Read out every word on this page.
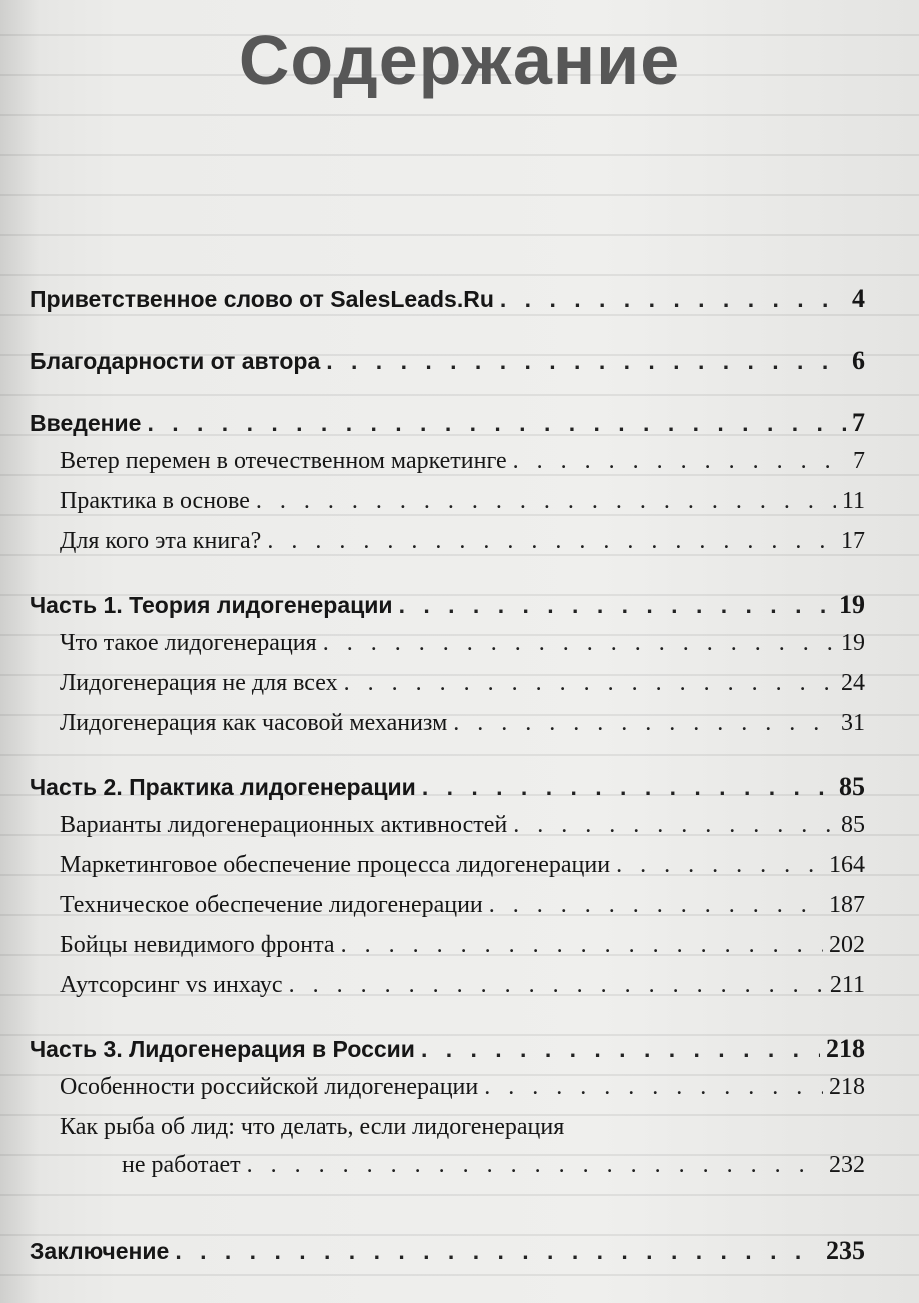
Содержание
Приветственное слово от SalesLeads.Ru . . .	4
Благодарности от автора . . .	6
Введение . . .	7
Ветер перемен в отечественном маркетинге . . .	7
Практика в основе . . .	11
Для кого эта книга? . . .	17
Часть 1. Теория лидогенерации . . .	19
Что такое лидогенерация . . .	19
Лидогенерация не для всех . . .	24
Лидогенерация как часовой механизм . . .	31
Часть 2. Практика лидогенерации . . .	85
Варианты лидогенерационных активностей . . .	85
Маркетинговое обеспечение процесса лидогенерации . . .	164
Техническое обеспечение лидогенерации . . .	187
Бойцы невидимого фронта . . .	202
Аутсорсинг vs инхаус . . .	211
Часть 3. Лидогенерация в России . . .	218
Особенности российской лидогенерации . . .	218
Как рыба об лид: что делать, если лидогенерация
не работает . . .	232
Заключение . . .	235
